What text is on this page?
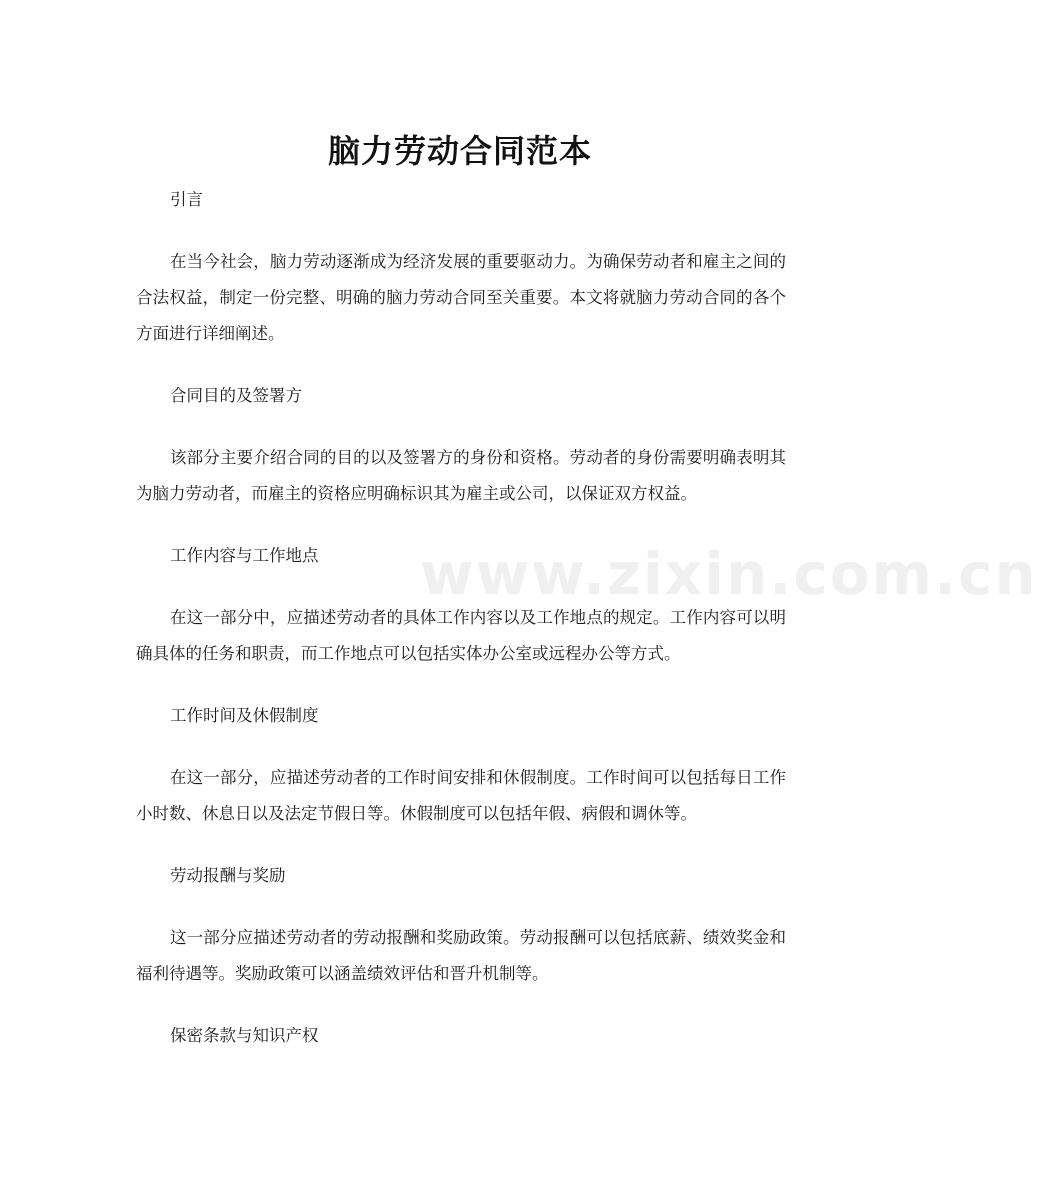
www.zixin.com.cn
脑力劳动合同范本

引言

在当今社会，脑力劳动逐渐成为经济发展的重要驱动力。为确保劳动者和雇主之间的合法权益，制定一份完整、明确的脑力劳动合同至关重要。本文将就脑力劳动合同的各个方面进行详细阐述。

合同目的及签署方

该部分主要介绍合同的目的以及签署方的身份和资格。劳动者的身份需要明确表明其为脑力劳动者，而雇主的资格应明确标识其为雇主或公司，以保证双方权益。

工作内容与工作地点

在这一部分中，应描述劳动者的具体工作内容以及工作地点的规定。工作内容可以明确具体的任务和职责，而工作地点可以包括实体办公室或远程办公等方式。

工作时间及休假制度

在这一部分，应描述劳动者的工作时间安排和休假制度。工作时间可以包括每日工作小时数、休息日以及法定节假日等。休假制度可以包括年假、病假和调休等。

劳动报酬与奖励

这一部分应描述劳动者的劳动报酬和奖励政策。劳动报酬可以包括底薪、绩效奖金和福利待遇等。奖励政策可以涵盖绩效评估和晋升机制等。

保密条款与知识产权
